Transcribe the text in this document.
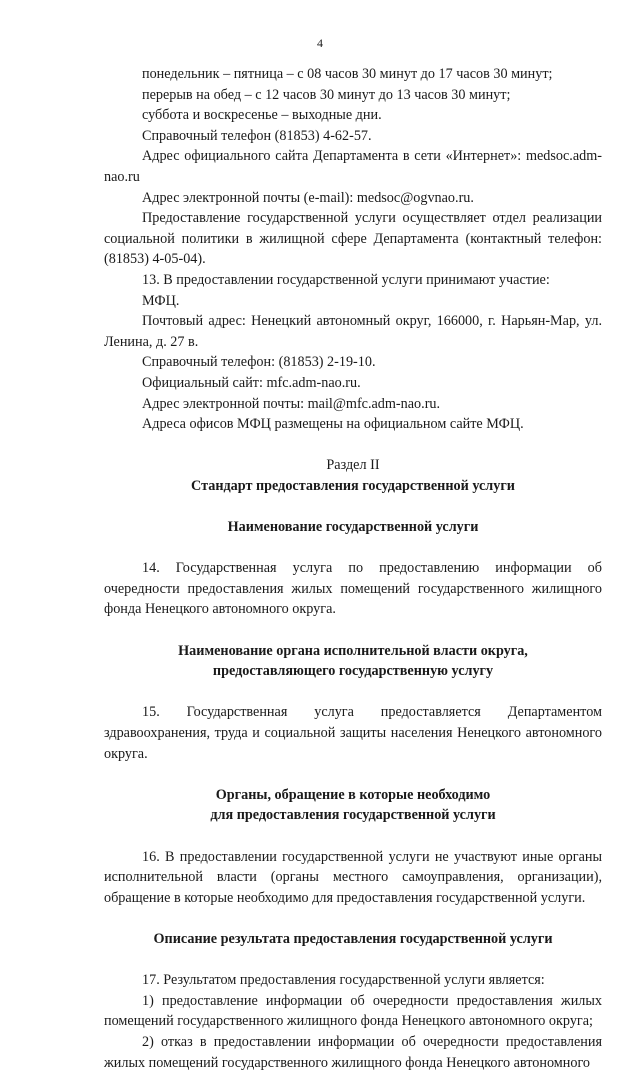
4

понедельник – пятница – с 08 часов 30 минут до 17 часов 30 минут;

перерыв на обед – с 12 часов 30 минут до 13 часов 30 минут;

суббота и воскресенье – выходные дни.

Справочный телефон (81853) 4-62-57.

Адрес официального сайта Департамента в сети «Интернет»: medsoc.adm-nao.ru

Адрес электронной почты (e-mail): medsoc@ogvnao.ru.

Предоставление государственной услуги осуществляет отдел реализации социальной политики в жилищной сфере Департамента (контактный телефон: (81853) 4-05-04).

13. В предоставлении государственной услуги принимают участие:

МФЦ.

Почтовый адрес: Ненецкий автономный округ, 166000, г. Нарьян-Мар, ул. Ленина, д. 27 в.

Справочный телефон: (81853) 2-19-10.

Официальный сайт: mfc.adm-nao.ru.

Адрес электронной почты: mail@mfc.adm-nao.ru.

Адреса офисов МФЦ размещены на официальном сайте МФЦ.

Раздел II

Стандарт предоставления государственной услуги

Наименование государственной услуги

14. Государственная услуга по предоставлению информации об очередности предоставления жилых помещений государственного жилищного фонда Ненецкого автономного округа.

Наименование органа исполнительной власти округа,

предоставляющего государственную услугу

15. Государственная услуга предоставляется Департаментом здравоохранения, труда и социальной защиты населения Ненецкого автономного округа.

Органы, обращение в которые необходимо

для предоставления государственной услуги

16. В предоставлении государственной услуги не участвуют иные органы исполнительной власти (органы местного самоуправления, организации), обращение в которые необходимо для предоставления государственной услуги.

Описание результата предоставления государственной услуги

17. Результатом предоставления государственной услуги является:

1) предоставление информации об очередности предоставления жилых помещений государственного жилищного фонда Ненецкого автономного округа;

2) отказ в предоставлении информации об очередности предоставления жилых помещений государственного жилищного фонда Ненецкого автономного
